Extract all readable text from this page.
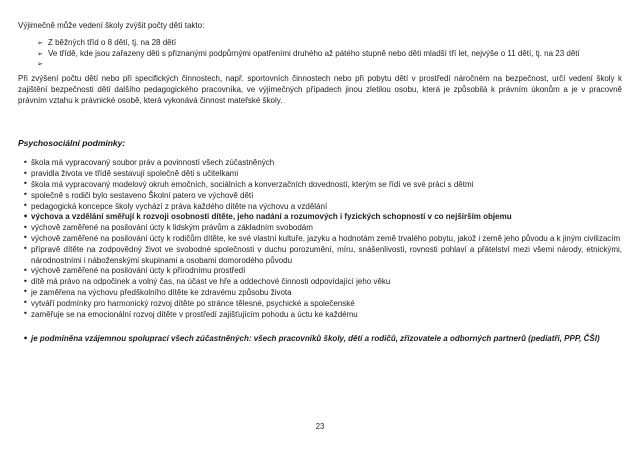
Výjimečně může vedení školy zvýšit počty dětí takto:

➢ Z běžných tříd o 8 dětí, tj. na 28 dětí
➢ Ve třídě, kde jsou zařazeny děti s přiznanými podpůrnými opatřeními druhého až pátého stupně nebo děti mladší tří let, nejvýše o 11 dětí, tj. na 23 dětí
➢

Při zvýšení počtu dětí nebo při specifických činnostech, např. sportovních činnostech nebo při pobytu dětí v prostředí náročném na bezpečnost, určí vedení školy k zajištění bezpečnosti dětí dalšího pedagogického pracovníka, ve výjimečných případech jinou zletilou osobu, která je způsobilá k právním úkonům a je v pracovně právním vztahu k právnické osobě, která vykonává činnost mateřské školy.

Psychosociální podmínky:
• škola má vypracovaný soubor práv a povinností všech zúčastněných
• pravidla života ve třídě sestavují společně děti s učitelkami
• škola má vypracovaný modelový okruh emočních, sociálních a konverzačních dovedností, kterým se řídí ve své práci s dětmi
• společně s rodiči bylo sestaveno Školní patero ve výchově dětí
• pedagogická koncepce školy vychází z práva každého dítěte na výchovu a vzdělání
• výchova a vzdělání směřují k rozvoji osobnosti dítěte, jeho nadání a rozumových i fyzických schopností v co nejširším objemu
• výchově zaměřené na posilování úcty k lidským právům a základním svobodám
• výchově zaměřené na posilování úcty k rodičům dítěte, ke své vlastní kultuře, jazyku a hodnotám země trvalého pobytu, jakož i země jeho původu a k jiným civilizacím
• přípravě dítěte na zodpovědný život ve svobodné společnosti v duchu porozumění, míru, snášenlivosti, rovnosti pohlaví a přátelství mezi všemi národy, etnickými, národnostními i náboženskými skupinami a osobami domorodého původu
• výchově zaměřené na posilování úcty k přírodnímu prostředí
• dítě má právo na odpočinek a volný čas, na účast ve hře a oddechové činnosti odpovídající jeho věku
• je zaměřena na výchovu předškolního dítěte ke zdravému způsobu života
• vytváří podmínky pro harmonický rozvoj dítěte po stránce tělesné, psychické a společenské
• zaměřuje se na emocionální rozvoj dítěte v prostředí zajišťujícím pohodu a úctu ke každému
• je podmíněna vzájemnou spoluprací všech zúčastněných: všech pracovníků školy, dětí a rodičů, zřizovatele a odborných partnerů (pediatři, PPP, ČŠI)
23
